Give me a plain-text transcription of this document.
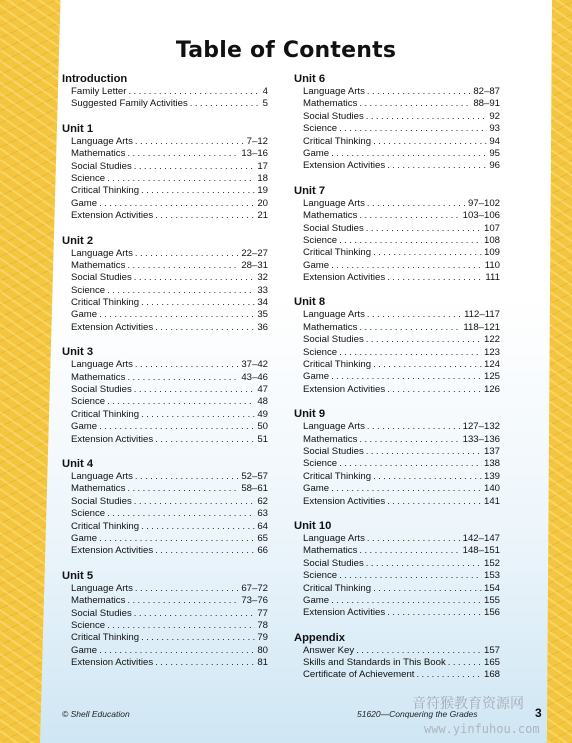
Table of Contents
Introduction
Family Letter .....	4
Suggested Family Activities .....	5
Unit 1
Language Arts .....	7–12
Mathematics .....	13–16
Social Studies .....	17
Science .....	18
Critical Thinking .....	19
Game .....	20
Extension Activities .....	21
Unit 2
Language Arts .....	22–27
Mathematics .....	28–31
Social Studies .....	32
Science .....	33
Critical Thinking .....	34
Game .....	35
Extension Activities .....	36
Unit 3
Language Arts .....	37–42
Mathematics .....	43–46
Social Studies .....	47
Science .....	48
Critical Thinking .....	49
Game .....	50
Extension Activities .....	51
Unit 4
Language Arts .....	52–57
Mathematics .....	58–61
Social Studies .....	62
Science .....	63
Critical Thinking .....	64
Game .....	65
Extension Activities .....	66
Unit 5
Language Arts .....	67–72
Mathematics .....	73–76
Social Studies .....	77
Science .....	78
Critical Thinking .....	79
Game .....	80
Extension Activities .....	81
Unit 6
Language Arts .....	82–87
Mathematics .....	88–91
Social Studies .....	92
Science .....	93
Critical Thinking .....	94
Game .....	95
Extension Activities .....	96
Unit 7
Language Arts .....	97–102
Mathematics .....	103–106
Social Studies .....	107
Science .....	108
Critical Thinking .....	109
Game .....	110
Extension Activities .....	111
Unit 8
Language Arts .....	112–117
Mathematics .....	118–121
Social Studies .....	122
Science .....	123
Critical Thinking .....	124
Game .....	125
Extension Activities .....	126
Unit 9
Language Arts .....	127–132
Mathematics .....	133–136
Social Studies .....	137
Science .....	138
Critical Thinking .....	139
Game .....	140
Extension Activities .....	141
Unit 10
Language Arts .....	142–147
Mathematics .....	148–151
Social Studies .....	152
Science .....	153
Critical Thinking .....	154
Game .....	155
Extension Activities .....	156
Appendix
Answer Key .....	157
Skills and Standards in This Book .....	165
Certificate of Achievement .....	168
© Shell Education	51620—Conquering the Grades	3
音符猴教育资源网
www.yinfuhou.com
